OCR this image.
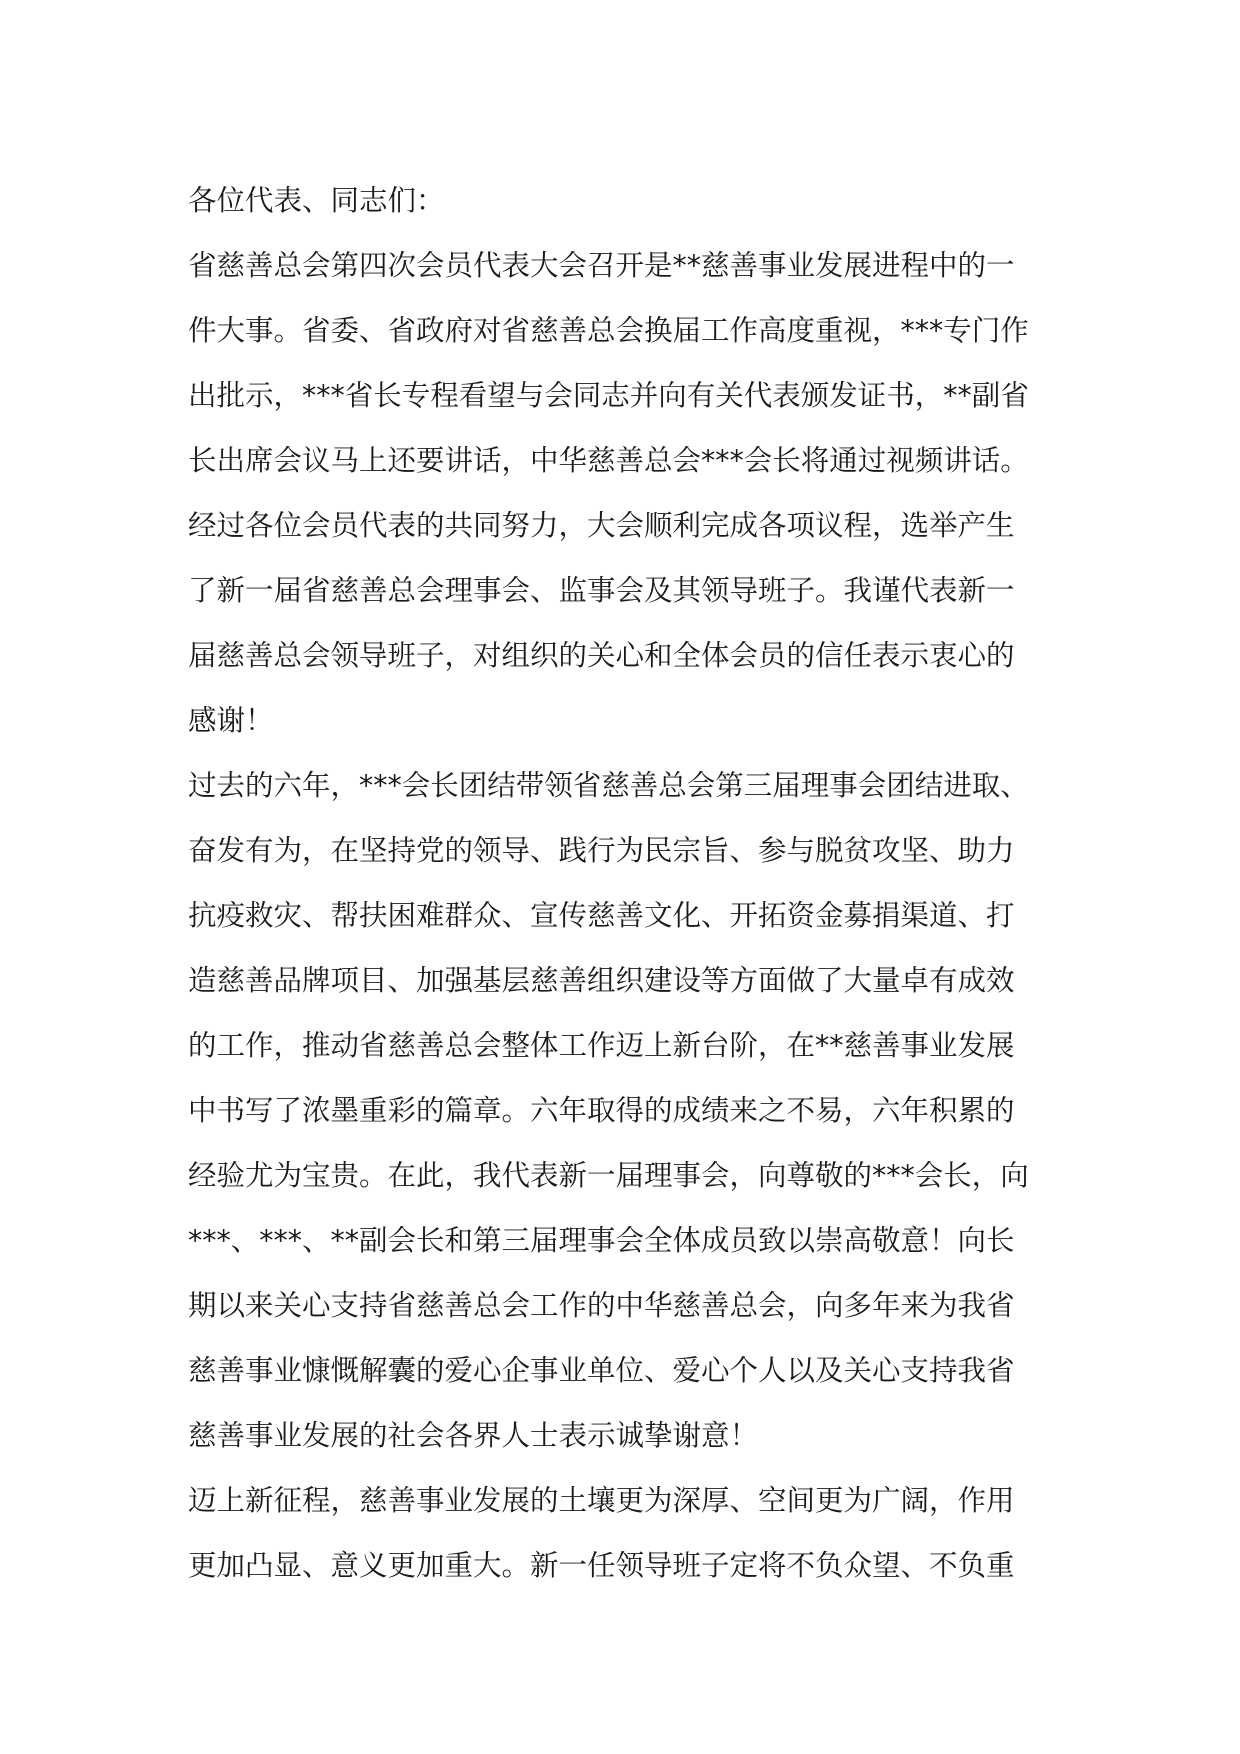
各位代表、同志们：
省慈善总会第四次会员代表大会召开是**慈善事业发展进程中的一
件大事。省委、省政府对省慈善总会换届工作高度重视，***专门作
出批示，***省长专程看望与会同志并向有关代表颁发证书，**副省
长出席会议马上还要讲话，中华慈善总会***会长将通过视频讲话。
经过各位会员代表的共同努力，大会顺利完成各项议程，选举产生
了新一届省慈善总会理事会、监事会及其领导班子。我谨代表新一
届慈善总会领导班子，对组织的关心和全体会员的信任表示衷心的
感谢！
过去的六年，***会长团结带领省慈善总会第三届理事会团结进取、
奋发有为，在坚持党的领导、践行为民宗旨、参与脱贫攻坚、助力
抗疫救灾、帮扶困难群众、宣传慈善文化、开拓资金募捐渠道、打
造慈善品牌项目、加强基层慈善组织建设等方面做了大量卓有成效
的工作，推动省慈善总会整体工作迈上新台阶，在**慈善事业发展
中书写了浓墨重彩的篇章。六年取得的成绩来之不易，六年积累的
经验尤为宝贵。在此，我代表新一届理事会，向尊敬的***会长，向
***、***、**副会长和第三届理事会全体成员致以崇高敬意！向长
期以来关心支持省慈善总会工作的中华慈善总会，向多年来为我省
慈善事业慷慨解囊的爱心企事业单位、爱心个人以及关心支持我省
慈善事业发展的社会各界人士表示诚挚谢意！
迈上新征程，慈善事业发展的土壤更为深厚、空间更为广阔，作用
更加凸显、意义更加重大。新一任领导班子定将不负众望、不负重
